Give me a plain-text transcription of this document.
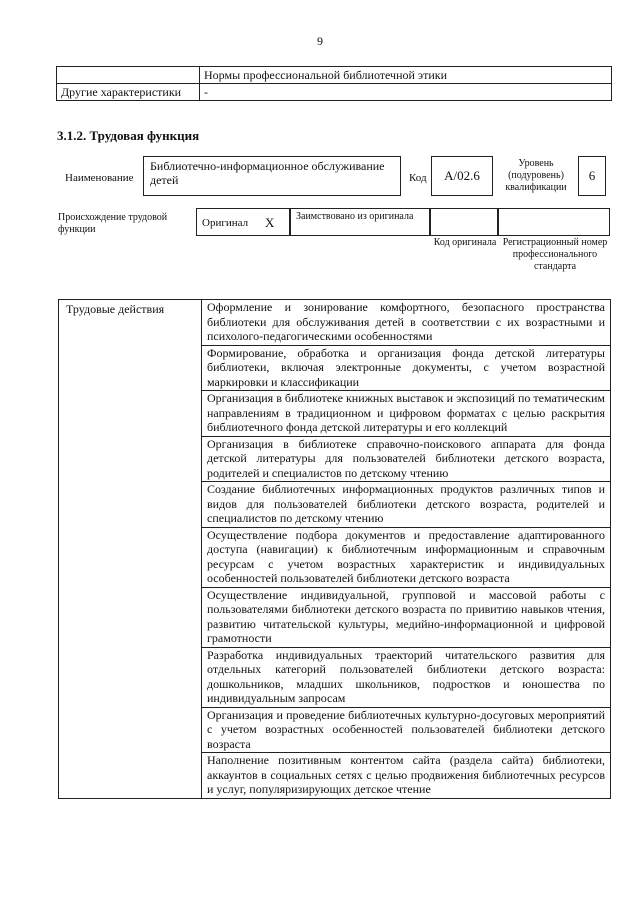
9
	Нормы профессиональной библиотечной этики
Другие характеристики	-
3.1.2. Трудовая функция
Наименование
Библиотечно-информационное обслуживание детей	Код	А/02.6
Уровень (подуровень) квалификации
6
Происхождение трудовой функции
Оригинал X Заимствовано из оригинала
Код оригинала Регистрационный номер профессионального стандарта
Трудовые действия	Оформление и зонирование комфортного, безопасного пространства библиотеки для обслуживания детей в соответствии с их возрастными и психолого-педагогическими особенностями
Формирование, обработка и организация фонда детской литературы библиотеки, включая электронные документы, с учетом возрастной маркировки и классификации
Организация в библиотеке книжных выставок и экспозиций по тематическим направлениям в традиционном и цифровом форматах с целью раскрытия библиотечного фонда детской литературы и его коллекций
Организация в библиотеке справочно-поискового аппарата для фонда детской литературы для пользователей библиотеки детского возраста, родителей и специалистов по детскому чтению
Создание библиотечных информационных продуктов различных типов и видов для пользователей библиотеки детского возраста, родителей и специалистов по детскому чтению
Осуществление подбора документов и предоставление адаптированного доступа (навигации) к библиотечным информационным и справочным ресурсам с учетом возрастных характеристик и индивидуальных особенностей пользователей библиотеки детского возраста
Осуществление индивидуальной, групповой и массовой работы с пользователями библиотеки детского возраста по привитию навыков чтения, развитию читательской культуры, медийно-информационной и цифровой грамотности
Разработка индивидуальных траекторий читательского развития для отдельных категорий пользователей библиотеки детского возраста: дошкольников, младших школьников, подростков и юношества по индивидуальным запросам
Организация и проведение библиотечных культурно-досуговых мероприятий с учетом возрастных особенностей пользователей библиотеки детского возраста
Наполнение позитивным контентом сайта (раздела сайта) библиотеки, аккаунтов в социальных сетях с целью продвижения библиотечных ресурсов и услуг, популяризирующих детское чтение
